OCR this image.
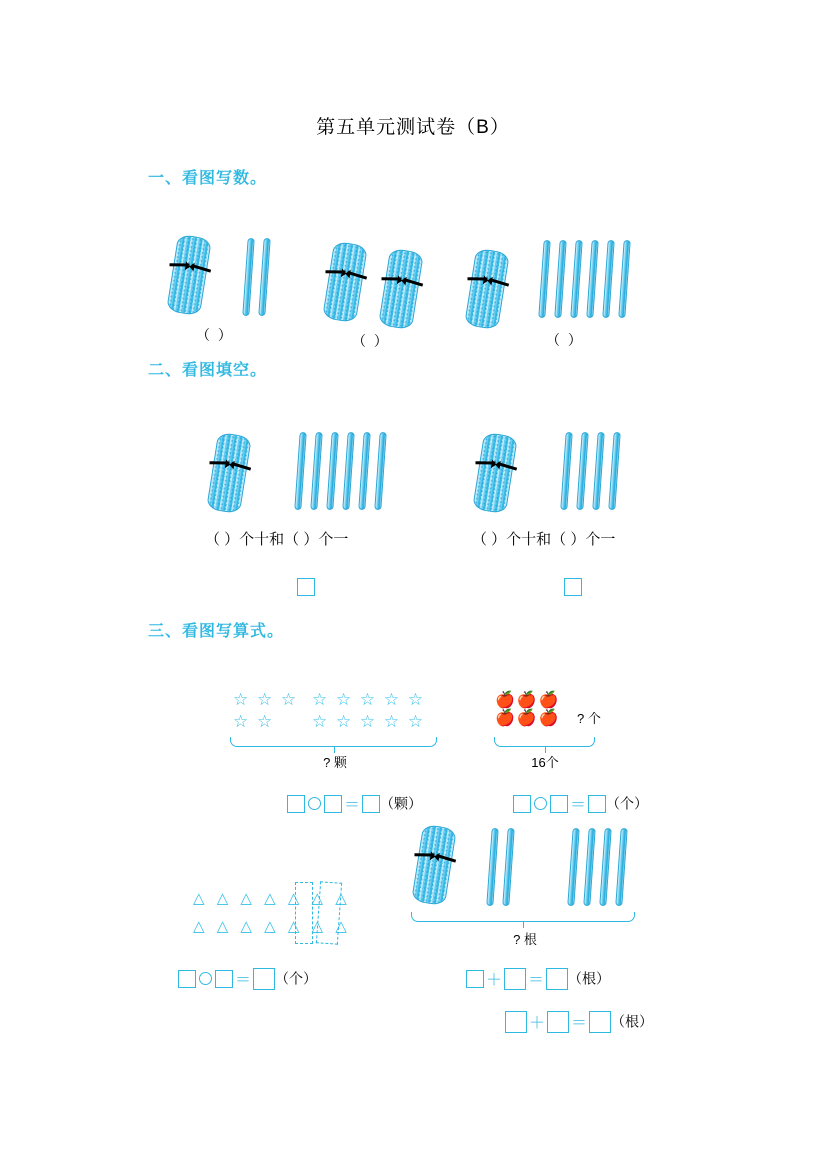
第五单元测试卷（B）
一、看图写数。
（ ）	（ ）	（ ）
二、看图填空。
（ ）个十和（ ）个一	（ ）个十和（ ）个一
三、看图写算式。
☆ ☆ ☆
☆ ☆
☆ ☆ ☆ ☆ ☆
☆ ☆ ☆ ☆ ☆
? 颗
＝ （颗）
🍎🍎🍎
🍎🍎🍎 ? 个
16个
＝ （个）
△ △ △ △ △ △ △
△ △ △ △ △ △ △
＝ （个）
? 根
＋ ＝ （根）
＋ ＝ （根）
